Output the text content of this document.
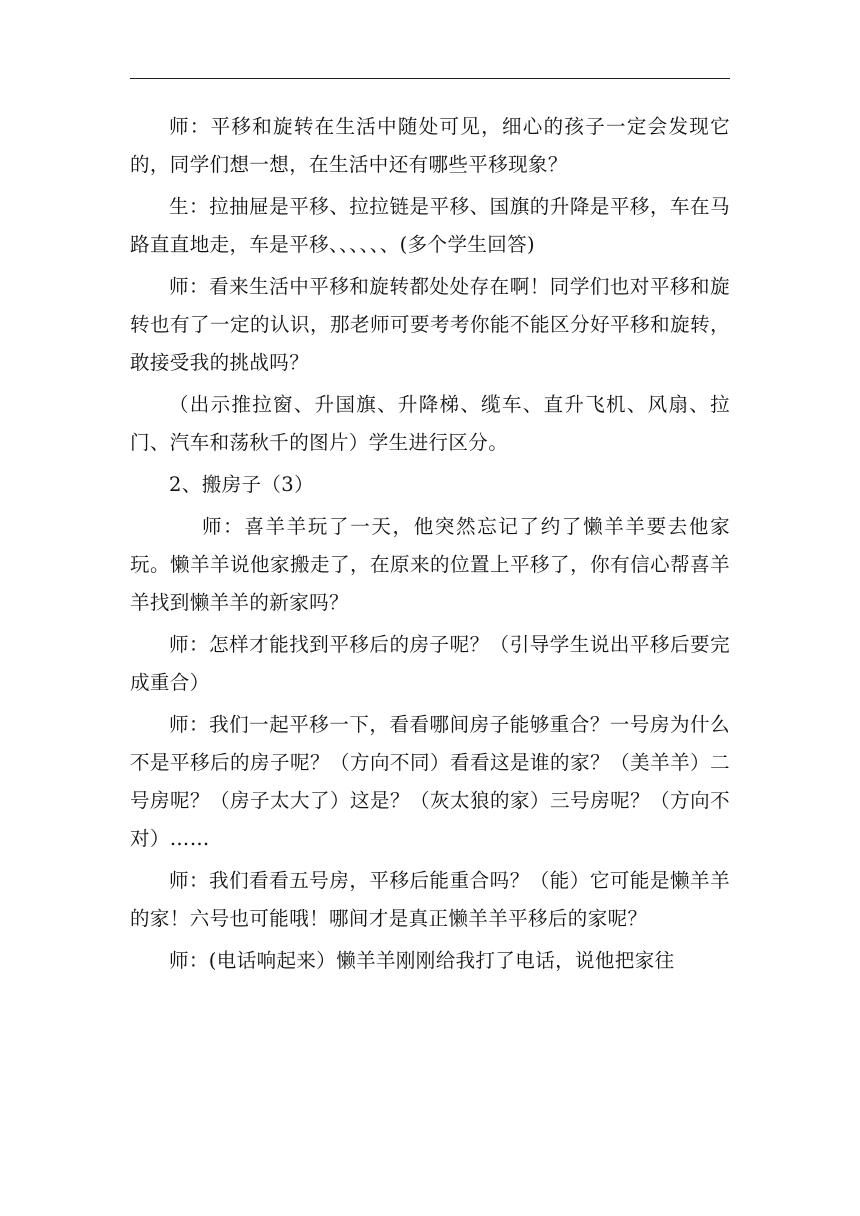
师：平移和旋转在生活中随处可见，细心的孩子一定会发现它的，同学们想一想，在生活中还有哪些平移现象？

生：拉抽屉是平移、拉拉链是平移、国旗的升降是平移，车在马路直直地走，车是平移、、、、、、(多个学生回答)

师：看来生活中平移和旋转都处处存在啊！同学们也对平移和旋转也有了一定的认识，那老师可要考考你能不能区分好平移和旋转，敢接受我的挑战吗？

（出示推拉窗、升国旗、升降梯、缆车、直升飞机、风扇、拉门、汽车和荡秋千的图片）学生进行区分。

2、搬房子（3）

师：喜羊羊玩了一天，他突然忘记了约了懒羊羊要去他家玩。懒羊羊说他家搬走了，在原来的位置上平移了，你有信心帮喜羊羊找到懒羊羊的新家吗？

师：怎样才能找到平移后的房子呢？（引导学生说出平移后要完成重合）

师：我们一起平移一下，看看哪间房子能够重合？一号房为什么不是平移后的房子呢？（方向不同）看看这是谁的家？（美羊羊）二号房呢？（房子太大了）这是？（灰太狼的家）三号房呢？（方向不对）……

师：我们看看五号房，平移后能重合吗？（能）它可能是懒羊羊的家！六号也可能哦！哪间才是真正懒羊羊平移后的家呢？

师：(电话响起来）懒羊羊刚刚给我打了电话，说他把家往
